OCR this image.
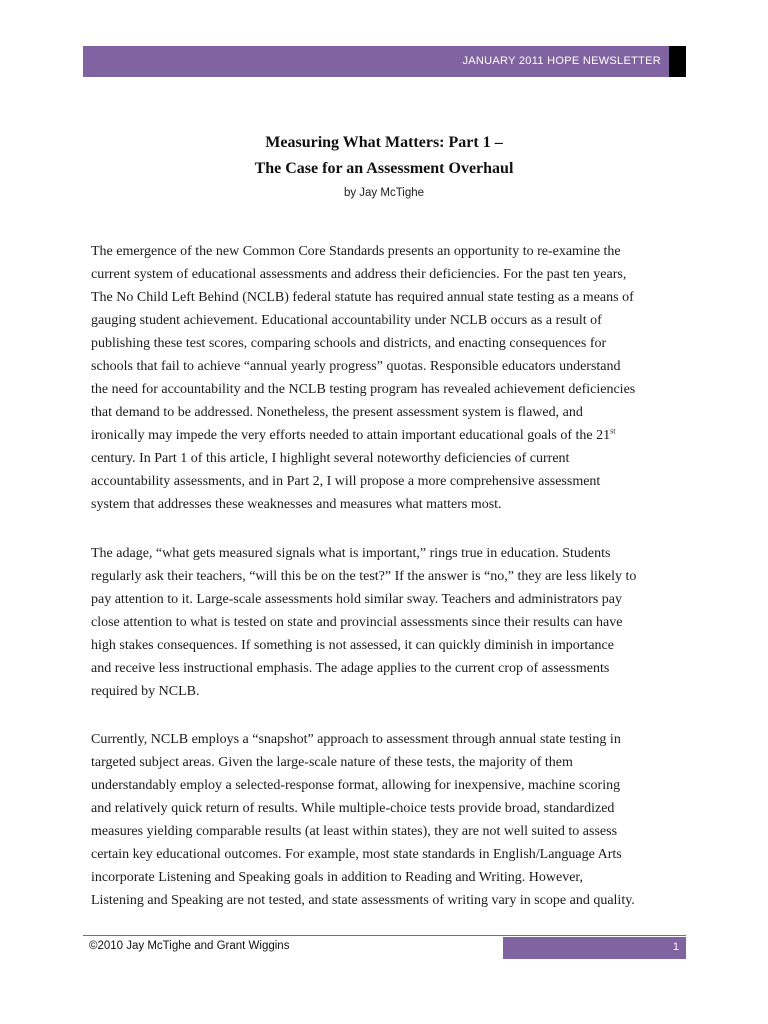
JANUARY 2011 HOPE NEWSLETTER
Measuring What Matters: Part 1 –
The Case for an Assessment Overhaul
by Jay McTighe
The emergence of the new Common Core Standards presents an opportunity to re-examine the
current system of educational assessments and address their deficiencies. For the past ten years,
The No Child Left Behind (NCLB) federal statute has required annual state testing as a means of
gauging student achievement. Educational accountability under NCLB occurs as a result of
publishing these test scores, comparing schools and districts, and enacting consequences for
schools that fail to achieve “annual yearly progress” quotas. Responsible educators understand
the need for accountability and the NCLB testing program has revealed achievement deficiencies
that demand to be addressed. Nonetheless, the present assessment system is flawed, and
ironically may impede the very efforts needed to attain important educational goals of the 21st
century. In Part 1 of this article, I highlight several noteworthy deficiencies of current
accountability assessments, and in Part 2, I will propose a more comprehensive assessment
system that addresses these weaknesses and measures what matters most.
The adage, “what gets measured signals what is important,” rings true in education. Students
regularly ask their teachers, “will this be on the test?” If the answer is “no,” they are less likely to
pay attention to it. Large-scale assessments hold similar sway. Teachers and administrators pay
close attention to what is tested on state and provincial assessments since their results can have
high stakes consequences. If something is not assessed, it can quickly diminish in importance
and receive less instructional emphasis. The adage applies to the current crop of assessments
required by NCLB.
Currently, NCLB employs a “snapshot” approach to assessment through annual state testing in
targeted subject areas. Given the large-scale nature of these tests, the majority of them
understandably employ a selected-response format, allowing for inexpensive, machine scoring
and relatively quick return of results. While multiple-choice tests provide broad, standardized
measures yielding comparable results (at least within states), they are not well suited to assess
certain key educational outcomes. For example, most state standards in English/Language Arts
incorporate Listening and Speaking goals in addition to Reading and Writing. However,
Listening and Speaking are not tested, and state assessments of writing vary in scope and quality.
©2010 Jay McTighe and Grant Wiggins	1
